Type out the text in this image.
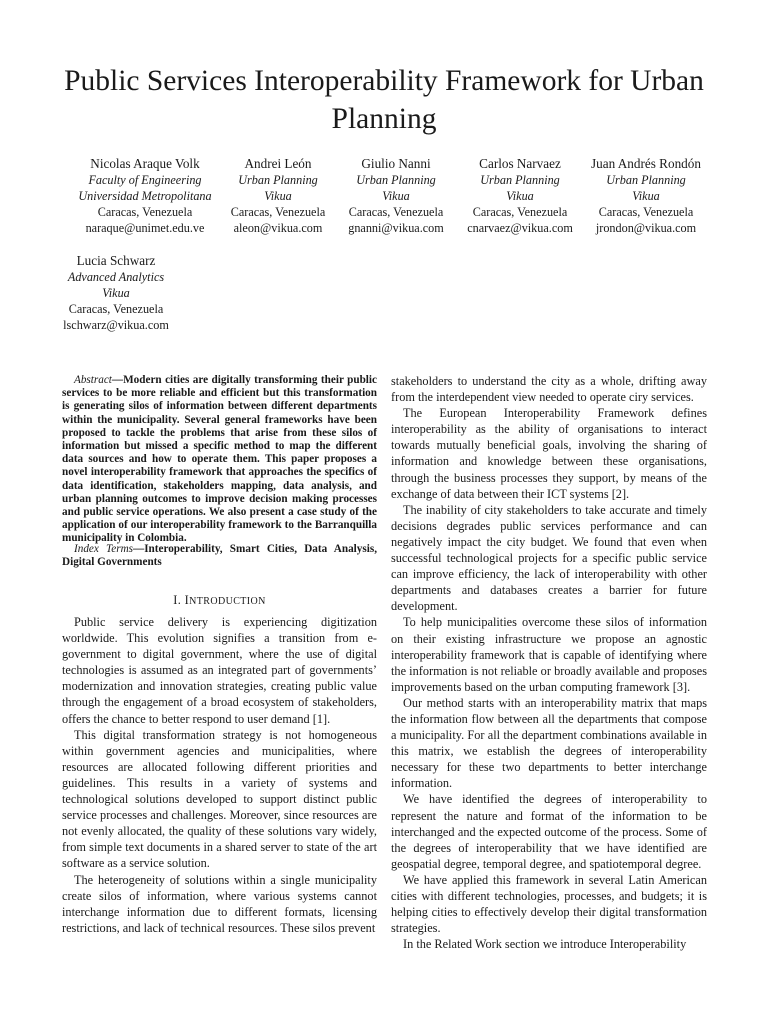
Public Services Interoperability Framework for Urban Planning
Nicolas Araque Volk
Faculty of Engineering
Universidad Metropolitana
Caracas, Venezuela
naraque@unimet.edu.ve
Andrei León
Urban Planning
Vikua
Caracas, Venezuela
aleon@vikua.com
Giulio Nanni
Urban Planning
Vikua
Caracas, Venezuela
gnanni@vikua.com
Carlos Narvaez
Urban Planning
Vikua
Caracas, Venezuela
cnarvaez@vikua.com
Juan Andrés Rondón
Urban Planning
Vikua
Caracas, Venezuela
jrondon@vikua.com
Lucia Schwarz
Advanced Analytics
Vikua
Caracas, Venezuela
lschwarz@vikua.com
Abstract—Modern cities are digitally transforming their public services to be more reliable and efficient but this transformation is generating silos of information between different departments within the municipality. Several general frameworks have been proposed to tackle the problems that arise from these silos of information but missed a specific method to map the different data sources and how to operate them. This paper proposes a novel interoperability framework that approaches the specifics of data identification, stakeholders mapping, data analysis, and urban planning outcomes to improve decision making processes and public service operations. We also present a case study of the application of our interoperability framework to the Barranquilla municipality in Colombia.
Index Terms—Interoperability, Smart Cities, Data Analysis, Digital Governments
I. INTRODUCTION

Public service delivery is experiencing digitization worldwide. This evolution signifies a transition from e-government to digital government, where the use of digital technologies is assumed as an integrated part of governments’ modernization and innovation strategies, creating public value through the engagement of a broad ecosystem of stakeholders, offers the chance to better respond to user demand [1].

This digital transformation strategy is not homogeneous within government agencies and municipalities, where resources are allocated following different priorities and guidelines. This results in a variety of systems and technological solutions developed to support distinct public service processes and challenges. Moreover, since resources are not evenly allocated, the quality of these solutions vary widely, from simple text documents in a shared server to state of the art software as a service solution.

The heterogeneity of solutions within a single municipality create silos of information, where various systems cannot interchange information due to different formats, licensing restrictions, and lack of technical resources. These silos prevent

stakeholders to understand the city as a whole, drifting away from the interdependent view needed to operate ciry services.

The European Interoperability Framework defines interoperability as the ability of organisations to interact towards mutually beneficial goals, involving the sharing of information and knowledge between these organisations, through the business processes they support, by means of the exchange of data between their ICT systems [2].

The inability of city stakeholders to take accurate and timely decisions degrades public services performance and can negatively impact the city budget. We found that even when successful technological projects for a specific public service can improve efficiency, the lack of interoperability with other departments and databases creates a barrier for future development.

To help municipalities overcome these silos of information on their existing infrastructure we propose an agnostic interoperability framework that is capable of identifying where the information is not reliable or broadly available and proposes improvements based on the urban computing framework [3].

Our method starts with an interoperability matrix that maps the information flow between all the departments that compose a municipality. For all the department combinations available in this matrix, we establish the degrees of interoperability necessary for these two departments to better interchange information.

We have identified the degrees of interoperability to represent the nature and format of the information to be interchanged and the expected outcome of the process. Some of the degrees of interoperability that we have identified are geospatial degree, temporal degree, and spatiotemporal degree.

We have applied this framework in several Latin American cities with different technologies, processes, and budgets; it is helping cities to effectively develop their digital transformation strategies.

In the Related Work section we introduce Interoperability
